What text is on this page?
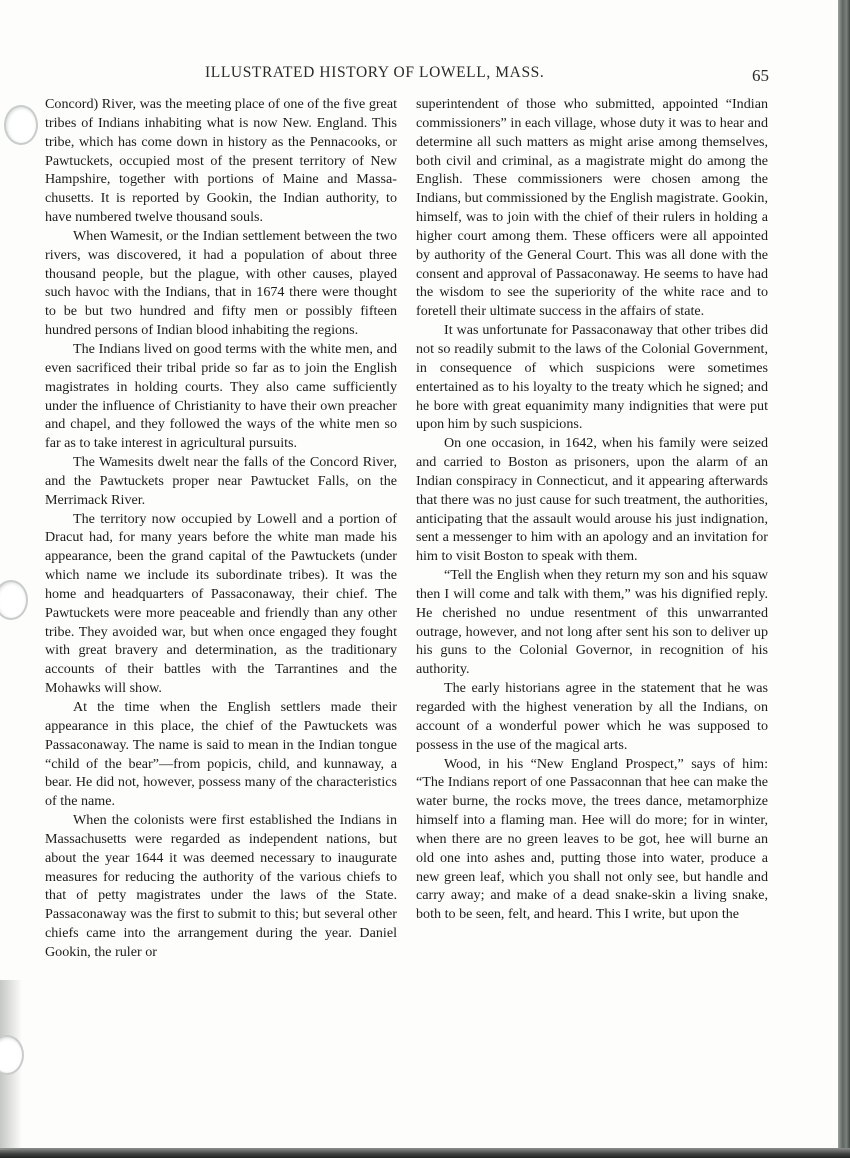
ILLUSTRATED HISTORY OF LOWELL, MASS.	65

Concord) River, was the meeting place of one of the five great tribes of Indians inhabiting what is now New. England. This tribe, which has come down in history as the Pennacooks, or Pawtuckets, occupied most of the present territory of New Hampshire, together with portions of Maine and Massachusetts. It is reported by Gookin, the Indian authority, to have numbered twelve thousand souls.

When Wamesit, or the Indian settlement between the two rivers, was discovered, it had a population of about three thousand people, but the plague, with other causes, played such havoc with the Indians, that in 1674 there were thought to be but two hundred and fifty men or possibly fifteen hundred persons of Indian blood inhabiting the regions.

The Indians lived on good terms with the white men, and even sacrificed their tribal pride so far as to join the English magistrates in holding courts. They also came sufficiently under the influence of Christianity to have their own preacher and chapel, and they followed the ways of the white men so far as to take interest in agricultural pursuits.

The Wamesits dwelt near the falls of the Concord River, and the Pawtuckets proper near Pawtucket Falls, on the Merrimack River.

The territory now occupied by Lowell and a portion of Dracut had, for many years before the white man made his appearance, been the grand capital of the Pawtuckets (under which name we include its subordinate tribes). It was the home and headquarters of Passaconaway, their chief. The Pawtuckets were more peaceable and friendly than any other tribe. They avoided war, but when once engaged they fought with great bravery and determination, as the traditionary accounts of their battles with the Tarrantines and the Mohawks will show.

At the time when the English settlers made their appearance in this place, the chief of the Pawtuckets was Passaconaway. The name is said to mean in the Indian tongue “child of the bear”—from popicis, child, and kunnaway, a bear. He did not, however, possess many of the characteristics of the name.

When the colonists were first established the Indians in Massachusetts were regarded as independent nations, but about the year 1644 it was deemed necessary to inaugurate measures for reducing the authority of the various chiefs to that of petty magistrates under the laws of the State. Passaconaway was the first to submit to this; but several other chiefs came into the arrangement during the year. Daniel Gookin, the ruler or

superintendent of those who submitted, appointed “Indian commissioners” in each village, whose duty it was to hear and determine all such matters as might arise among themselves, both civil and criminal, as a magistrate might do among the English. These commissioners were chosen among the Indians, but commissioned by the English magistrate. Gookin, himself, was to join with the chief of their rulers in holding a higher court among them. These officers were all appointed by authority of the General Court. This was all done with the consent and approval of Passaconaway. He seems to have had the wisdom to see the superiority of the white race and to foretell their ultimate success in the affairs of state.

It was unfortunate for Passaconaway that other tribes did not so readily submit to the laws of the Colonial Government, in consequence of which suspicions were sometimes entertained as to his loyalty to the treaty which he signed; and he bore with great equanimity many indignities that were put upon him by such suspicions.

On one occasion, in 1642, when his family were seized and carried to Boston as prisoners, upon the alarm of an Indian conspiracy in Connecticut, and it appearing afterwards that there was no just cause for such treatment, the authorities, anticipating that the assault would arouse his just indignation, sent a messenger to him with an apology and an invitation for him to visit Boston to speak with them.

“Tell the English when they return my son and his squaw then I will come and talk with them,” was his dignified reply. He cherished no undue resentment of this unwarranted outrage, however, and not long after sent his son to deliver up his guns to the Colonial Governor, in recognition of his authority.

The early historians agree in the statement that he was regarded with the highest veneration by all the Indians, on account of a wonderful power which he was supposed to possess in the use of the magical arts.

Wood, in his “New England Prospect,” says of him: “The Indians report of one Passaconnan that hee can make the water burne, the rocks move, the trees dance, metamorphize himself into a flaming man. Hee will do more; for in winter, when there are no green leaves to be got, hee will burne an old one into ashes and, putting those into water, produce a new green leaf, which you shall not only see, but handle and carry away; and make of a dead snake-skin a living snake, both to be seen, felt, and heard. This I write, but upon the
